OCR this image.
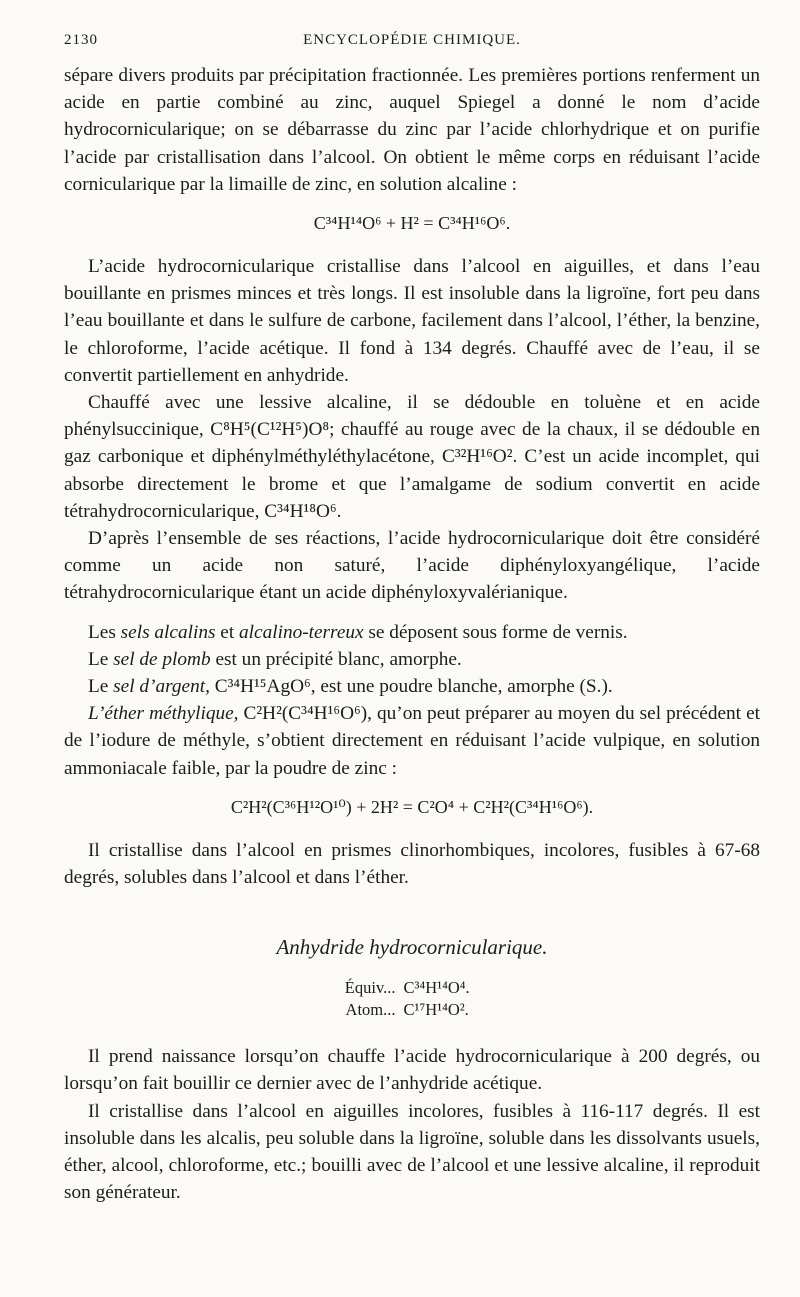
2130	ENCYCLOPÉDIE CHIMIQUE.

sépare divers produits par précipitation fractionnée. Les premières portions renferment un acide en partie combiné au zinc, auquel Spiegel a donné le nom d’acide hydrocornicularique; on se débarrasse du zinc par l’acide chlorhydrique et on purifie l’acide par cristallisation dans l’alcool. On obtient le même corps en réduisant l’acide cornicularique par la limaille de zinc, en solution alcaline :

C³⁴H¹⁴O⁶ + H² = C³⁴H¹⁶O⁶.

L’acide hydrocornicularique cristallise dans l’alcool en aiguilles, et dans l’eau bouillante en prismes minces et très longs. Il est insoluble dans la ligroïne, fort peu dans l’eau bouillante et dans le sulfure de carbone, facilement dans l’alcool, l’éther, la benzine, le chloroforme, l’acide acétique. Il fond à 134 degrés. Chauffé avec de l’eau, il se convertit partiellement en anhydride.

Chauffé avec une lessive alcaline, il se dédouble en toluène et en acide phénylsuccinique, C⁸H⁵(C¹²H⁵)O⁸; chauffé au rouge avec de la chaux, il se dédouble en gaz carbonique et diphénylméthyléthylacétone, C³²H¹⁶O². C’est un acide incomplet, qui absorbe directement le brome et que l’amalgame de sodium convertit en acide tétrahydrocornicularique, C³⁴H¹⁸O⁶.

D’après l’ensemble de ses réactions, l’acide hydrocornicularique doit être considéré comme un acide non saturé, l’acide diphényloxyangélique, l’acide tétrahydrocornicularique étant un acide diphényloxyvalérianique.

Les sels alcalins et alcalino-terreux se déposent sous forme de vernis.

Le sel de plomb est un précipité blanc, amorphe.

Le sel d’argent, C³⁴H¹⁵AgO⁶, est une poudre blanche, amorphe (S.).

L’éther méthylique, C²H²(C³⁴H¹⁶O⁶), qu’on peut préparer au moyen du sel précédent et de l’iodure de méthyle, s’obtient directement en réduisant l’acide vulpique, en solution ammoniacale faible, par la poudre de zinc :

C²H²(C³⁶H¹²O¹⁰) + 2H² = C²O⁴ + C²H²(C³⁴H¹⁶O⁶).

Il cristallise dans l’alcool en prismes clinorhombiques, incolores, fusibles à 67-68 degrés, solubles dans l’alcool et dans l’éther.

Anhydride hydrocornicularique.
Équiv... C³⁴H¹⁴O⁴.
Atom... C¹⁷H¹⁴O².

Il prend naissance lorsqu’on chauffe l’acide hydrocornicularique à 200 degrés, ou lorsqu’on fait bouillir ce dernier avec de l’anhydride acétique.

Il cristallise dans l’alcool en aiguilles incolores, fusibles à 116-117 degrés. Il est insoluble dans les alcalis, peu soluble dans la ligroïne, soluble dans les dissolvants usuels, éther, alcool, chloroforme, etc.; bouilli avec de l’alcool et une lessive alcaline, il reproduit son générateur.
